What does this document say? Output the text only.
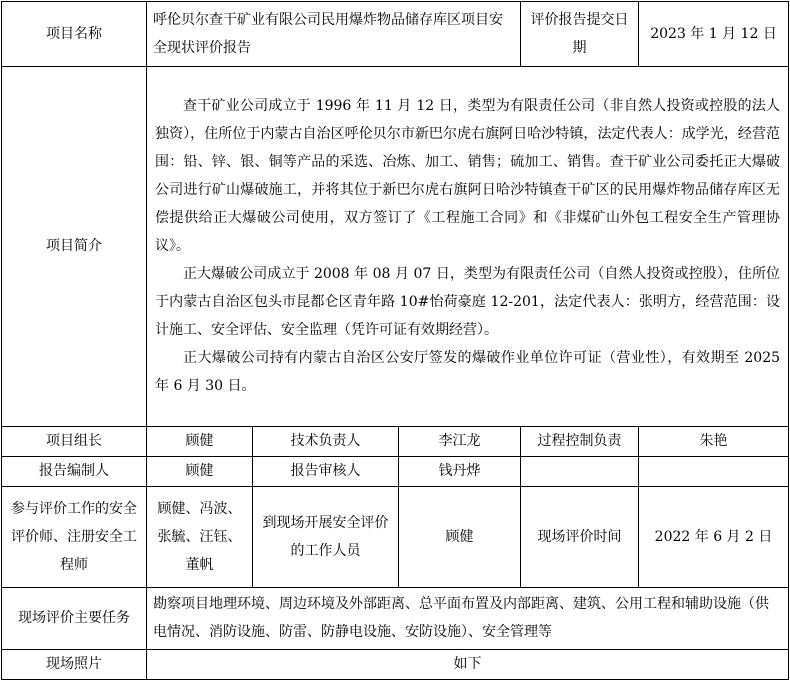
项目名称	呼伦贝尔查干矿业有限公司民用爆炸物品储存库区项目安全现状评价报告			评价报告提交日期	2023 年 1 月 12 日
项目简介	查干矿业公司成立于 1996 年 11 月 12 日，类型为有限责任公司（非自然人投资或控股的法人独资），住所位于内蒙古自治区呼伦贝尔市新巴尔虎右旗阿日哈沙特镇，法定代表人：成学光，经营范围：铅、锌、银、铜等产品的采选、冶炼、加工、销售；硫加工、销售。查干矿业公司委托正大爆破公司进行矿山爆破施工，并将其位于新巴尔虎右旗阿日哈沙特镇查干矿区的民用爆炸物品储存库区无偿提供给正大爆破公司使用，双方签订了《工程施工合同》和《非煤矿山外包工程安全生产管理协议》。
正大爆破公司成立于 2008 年 08 月 07 日，类型为有限责任公司（自然人投资或控股），住所位于内蒙古自治区包头市昆都仑区青年路 10#怡荷豪庭 12-201，法定代表人：张明方，经营范围：设计施工、安全评估、安全监理（凭许可证有效期经营）。
正大爆破公司持有内蒙古自治区公安厅签发的爆破作业单位许可证（营业性），有效期至 2025 年 6 月 30 日。				

项目组长	顾健	技术负责人	李江龙	过程控制负责	朱艳
报告编制人	顾健	报告审核人	钱丹烨		
参与评价工作的安全评价师、注册安全工程师	顾健、冯波、张毓、汪钰、董帆	到现场开展安全评价的工作人员	顾健	现场评价时间	2022 年 6 月 2 日
现场评价主要任务	勘察项目地理环境、周边环境及外部距离、总平面布置及内部距离、建筑、公用工程和辅助设施（供电情况、消防设施、防雷、防静电设施、安防设施）、安全管理等				
现场照片	如下				
